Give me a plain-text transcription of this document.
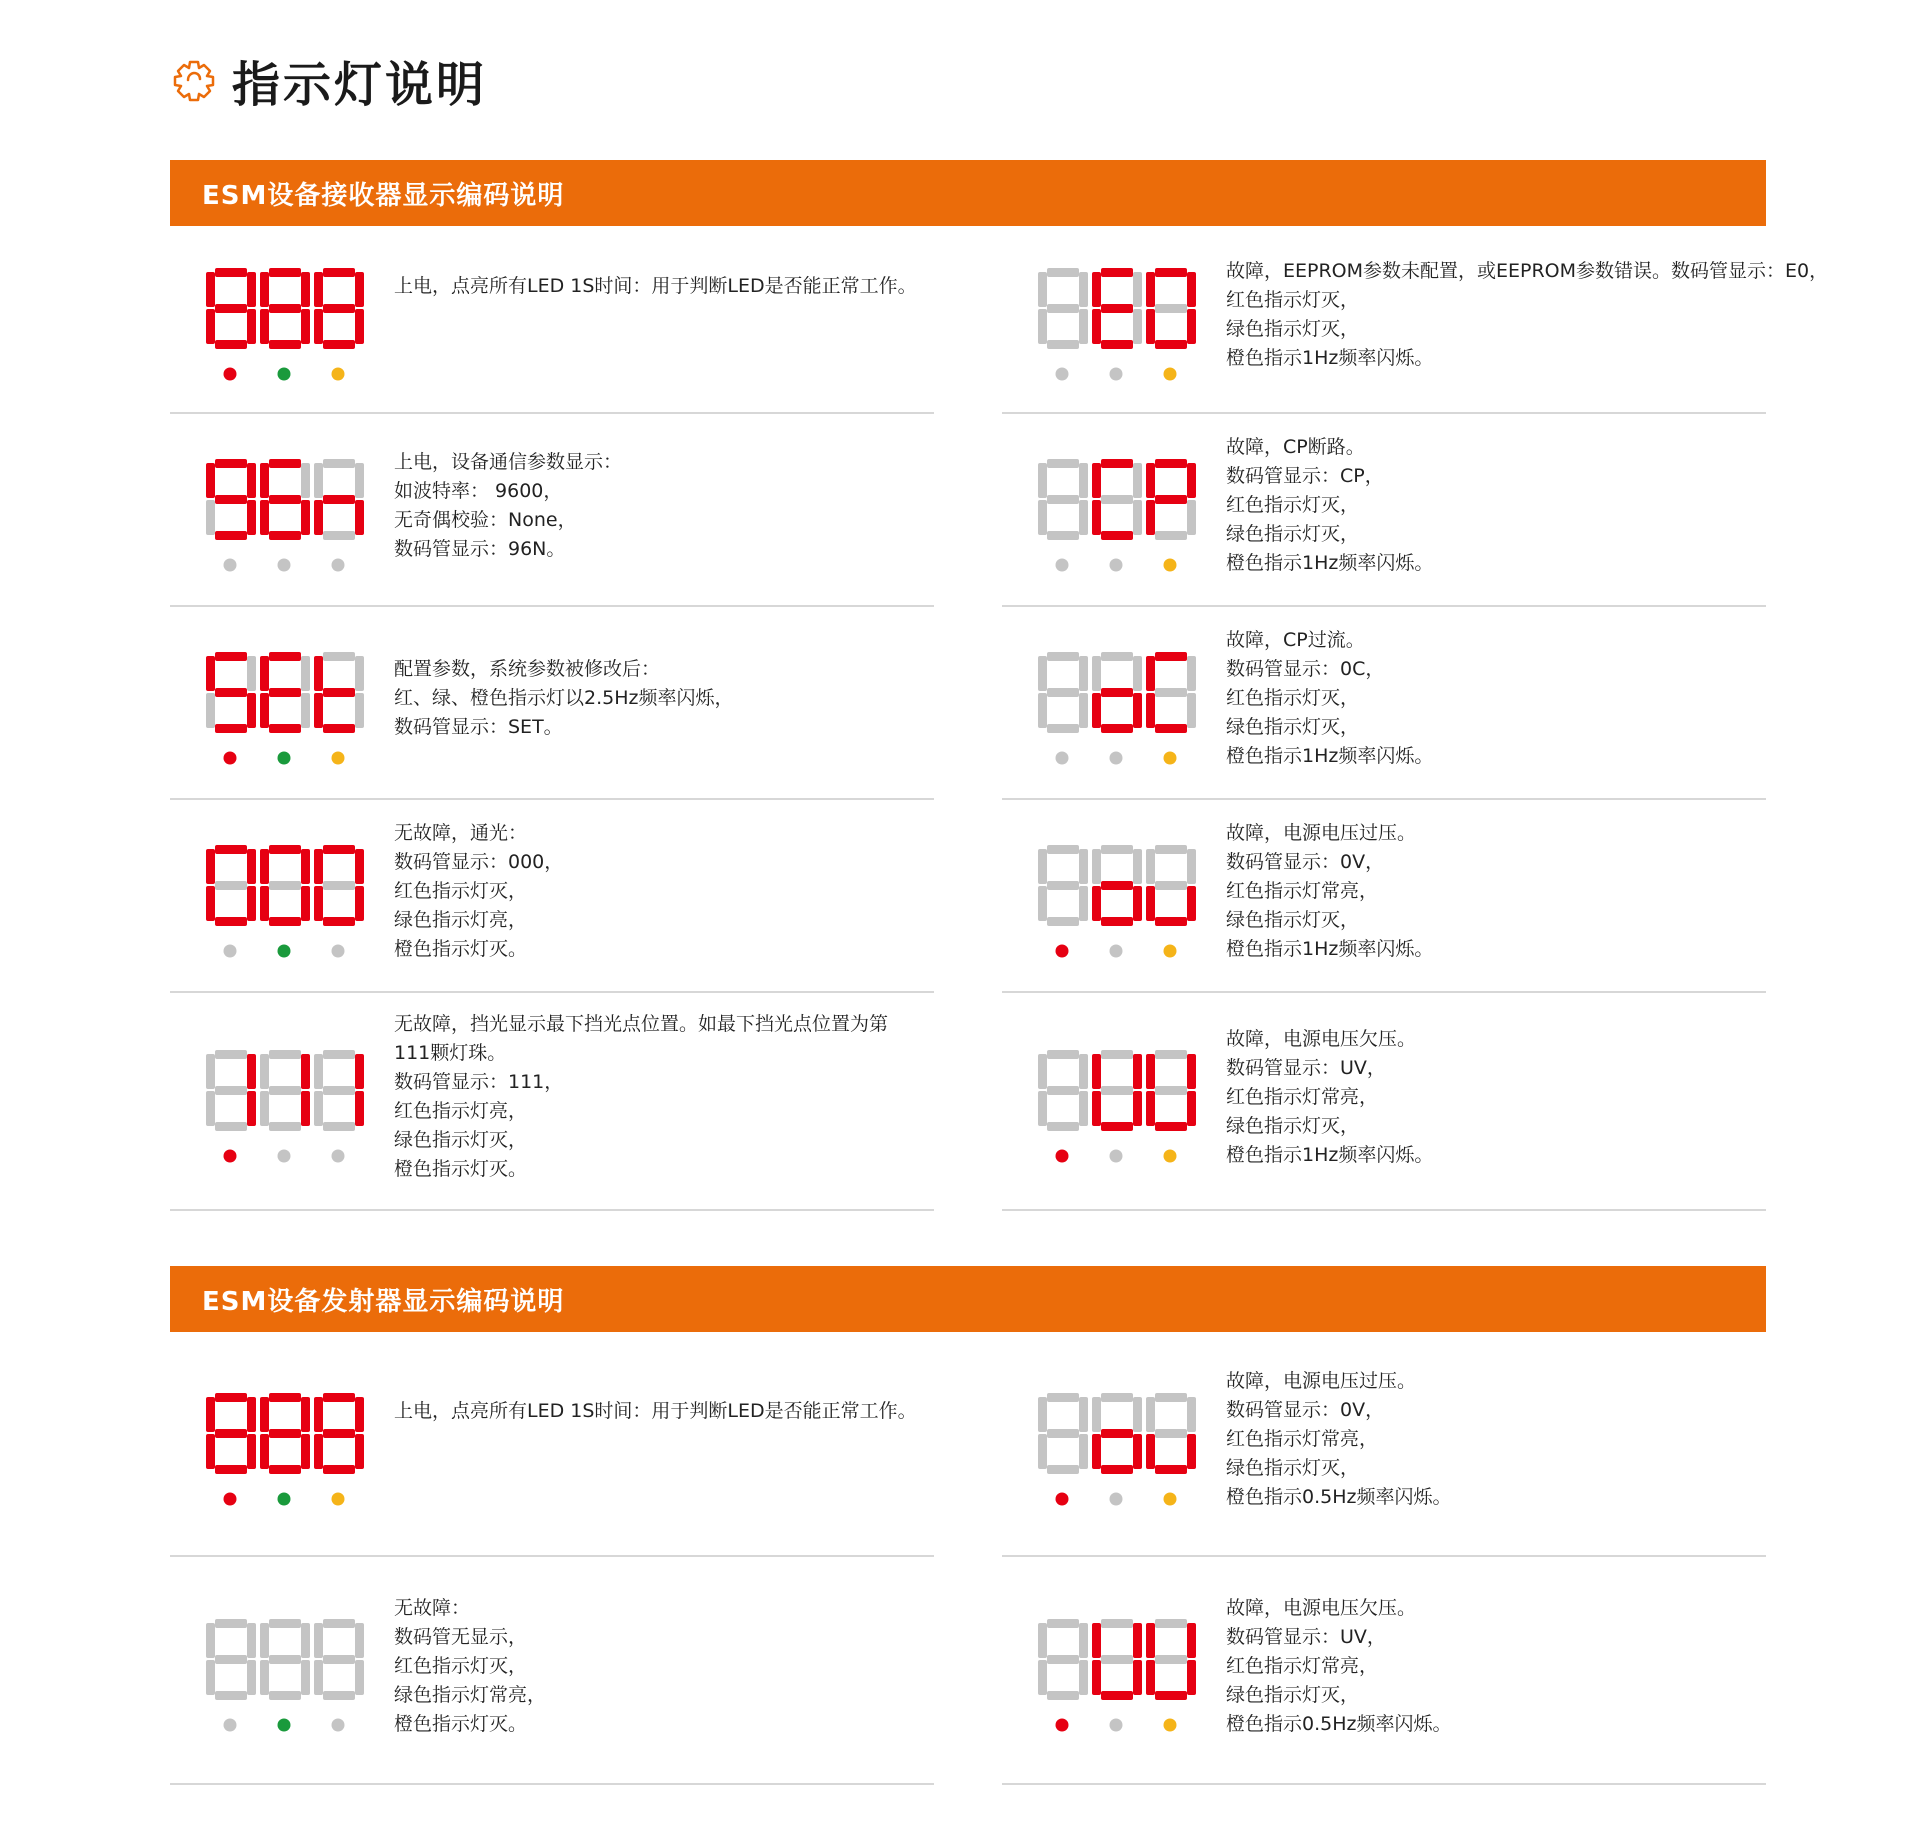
指示灯说明
ESM设备接收器显示编码说明
上电，点亮所有LED 1S时间：用于判断LED是否能正常工作。
故障，EEPROM参数未配置，或EEPROM参数错误。数码管显示：E0，
红色指示灯灭，
绿色指示灯灭，
橙色指示1Hz频率闪烁。
上电，设备通信参数显示：
如波特率： 9600，
无奇偶校验：None，
数码管显示：96N。
故障，CP断路。
数码管显示：CP，
红色指示灯灭，
绿色指示灯灭，
橙色指示1Hz频率闪烁。
配置参数，系统参数被修改后：
红、绿、橙色指示灯以2.5Hz频率闪烁，
数码管显示：SET。
故障，CP过流。
数码管显示：0C，
红色指示灯灭，
绿色指示灯灭，
橙色指示1Hz频率闪烁。
无故障，通光：
数码管显示：000，
红色指示灯灭，
绿色指示灯亮，
橙色指示灯灭。
故障，电源电压过压。
数码管显示：0V，
红色指示灯常亮，
绿色指示灯灭，
橙色指示1Hz频率闪烁。
无故障，挡光显示最下挡光点位置。如最下挡光点位置为第
111颗灯珠。
数码管显示：111，
红色指示灯亮，
绿色指示灯灭，
橙色指示灯灭。
故障，电源电压欠压。
数码管显示：UV，
红色指示灯常亮，
绿色指示灯灭，
橙色指示1Hz频率闪烁。
ESM设备发射器显示编码说明
上电，点亮所有LED 1S时间：用于判断LED是否能正常工作。
故障，电源电压过压。
数码管显示：0V，
红色指示灯常亮，
绿色指示灯灭，
橙色指示0.5Hz频率闪烁。
无故障：
数码管无显示，
红色指示灯灭，
绿色指示灯常亮，
橙色指示灯灭。
故障，电源电压欠压。
数码管显示：UV，
红色指示灯常亮，
绿色指示灯灭，
橙色指示0.5Hz频率闪烁。
